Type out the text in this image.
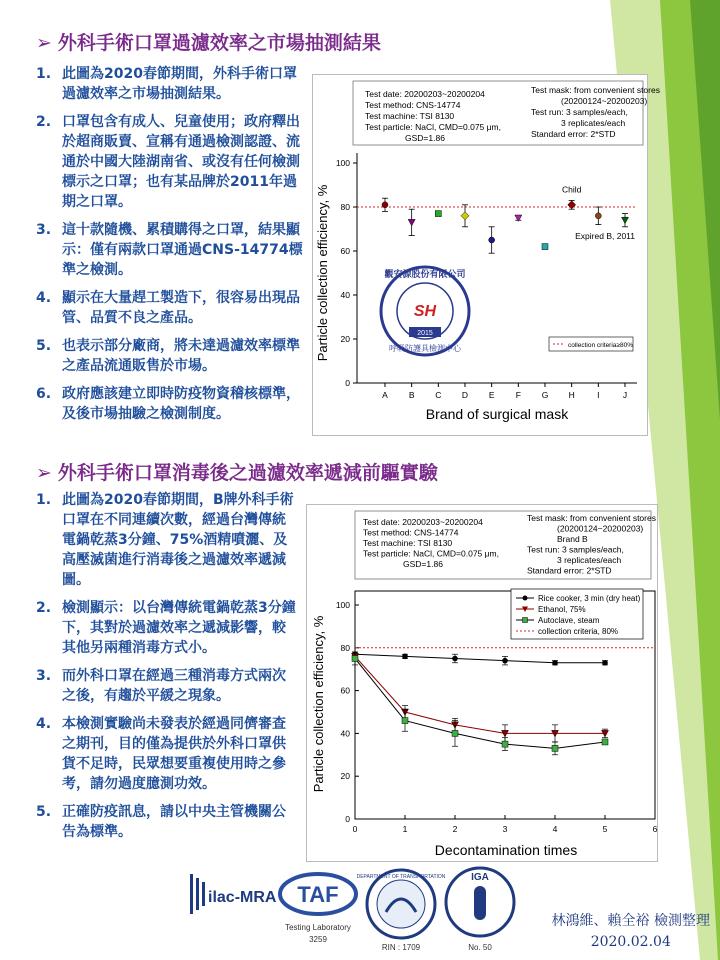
➢ 外科手術口罩過濾效率之市場抽測結果
1. 此圖為2020春節期間，外科手術口罩過濾效率之市場抽測結果。
2. 口罩包含有成人、兒童使用；政府釋出於超商販賣、宣稱有通過檢測認證、流通於中國大陸湖南省、或沒有任何檢測標示之口罩；也有某品牌於2011年過期之口罩。
3. 這十款隨機、累積購得之口罩，結果顯示：僅有兩款口罩通過CNS-14774標準之檢測。
4. 顯示在大量趕工製造下，很容易出現品管、品質不良之產品。
5. 也表示部分廠商，將未達過濾效率標準之產品流通販售於市場。
6. 政府應該建立即時防疫物資稽核標準，及後市場抽驗之檢測制度。
Test date: 20200203~20200204
Test method: CNS-14774
Test machine: TSI 8130
Test particle: NaCl, CMD=0.075 μm,
GSD=1.86
Test mask: from convenient stores
(20200124~20200203)
Test run: 3 samples/each,
3 replicates/each
Standard error: 2*STD
0
20
40
60
80
100
A B C D E F G H	I	J
Particle collection efficiency, %
Brand of surgical mask
觀安源股份有限公司
呼吸防護具檢測中心
SH
2015
Child
Expired B, 2011
collection criteria≥80%
➢ 外科手術口罩消毒後之過濾效率遞減前驅實驗
1. 此圖為2020春節期間，B牌外科手術口罩在不同連續次數，經過台灣傳統電鍋乾蒸3分鐘、75%酒精噴灑、及高壓滅菌進行消毒後之過濾效率遞減圖。
2. 檢測顯示：以台灣傳統電鍋乾蒸3分鐘下，其對於過濾效率之遞減影響，較其他另兩種消毒方式小。
3. 而外科口罩在經過三種消毒方式兩次之後，有趨於平緩之現象。
4. 本檢測實驗尚未發表於經過同儕審查之期刊，目的僅為提供於外科口罩供貨不足時，民眾想要重複使用時之參考，請勿過度臆測功效。
5. 正確防疫訊息，請以中央主管機關公告為標準。
Test date: 20200203~20200204
Test method: CNS-14774
Test machine: TSI 8130
Test particle: NaCl, CMD=0.075 μm,
GSD=1.86
Test mask: from convenient stores
(20200124~20200203)
Brand B
Test run: 3 samples/each,
3 replicates/each
Standard error: 2*STD
0
20
40
60
80
100
0	1	2	3	4	5	6
Particle collection efficiency, %
Decontamination times
Rice cooker, 3 min (dry heat)
Ethanol, 75%
Autoclave, steam
collection criteria, 80%
ilac-MRA TAF
Testing Laboratory
3259
DEPARTMENT OF TRANSPORTATION
RIN : 1709
IGA
No. 50
林鴻維、賴全裕 檢測整理
2020.02.04
